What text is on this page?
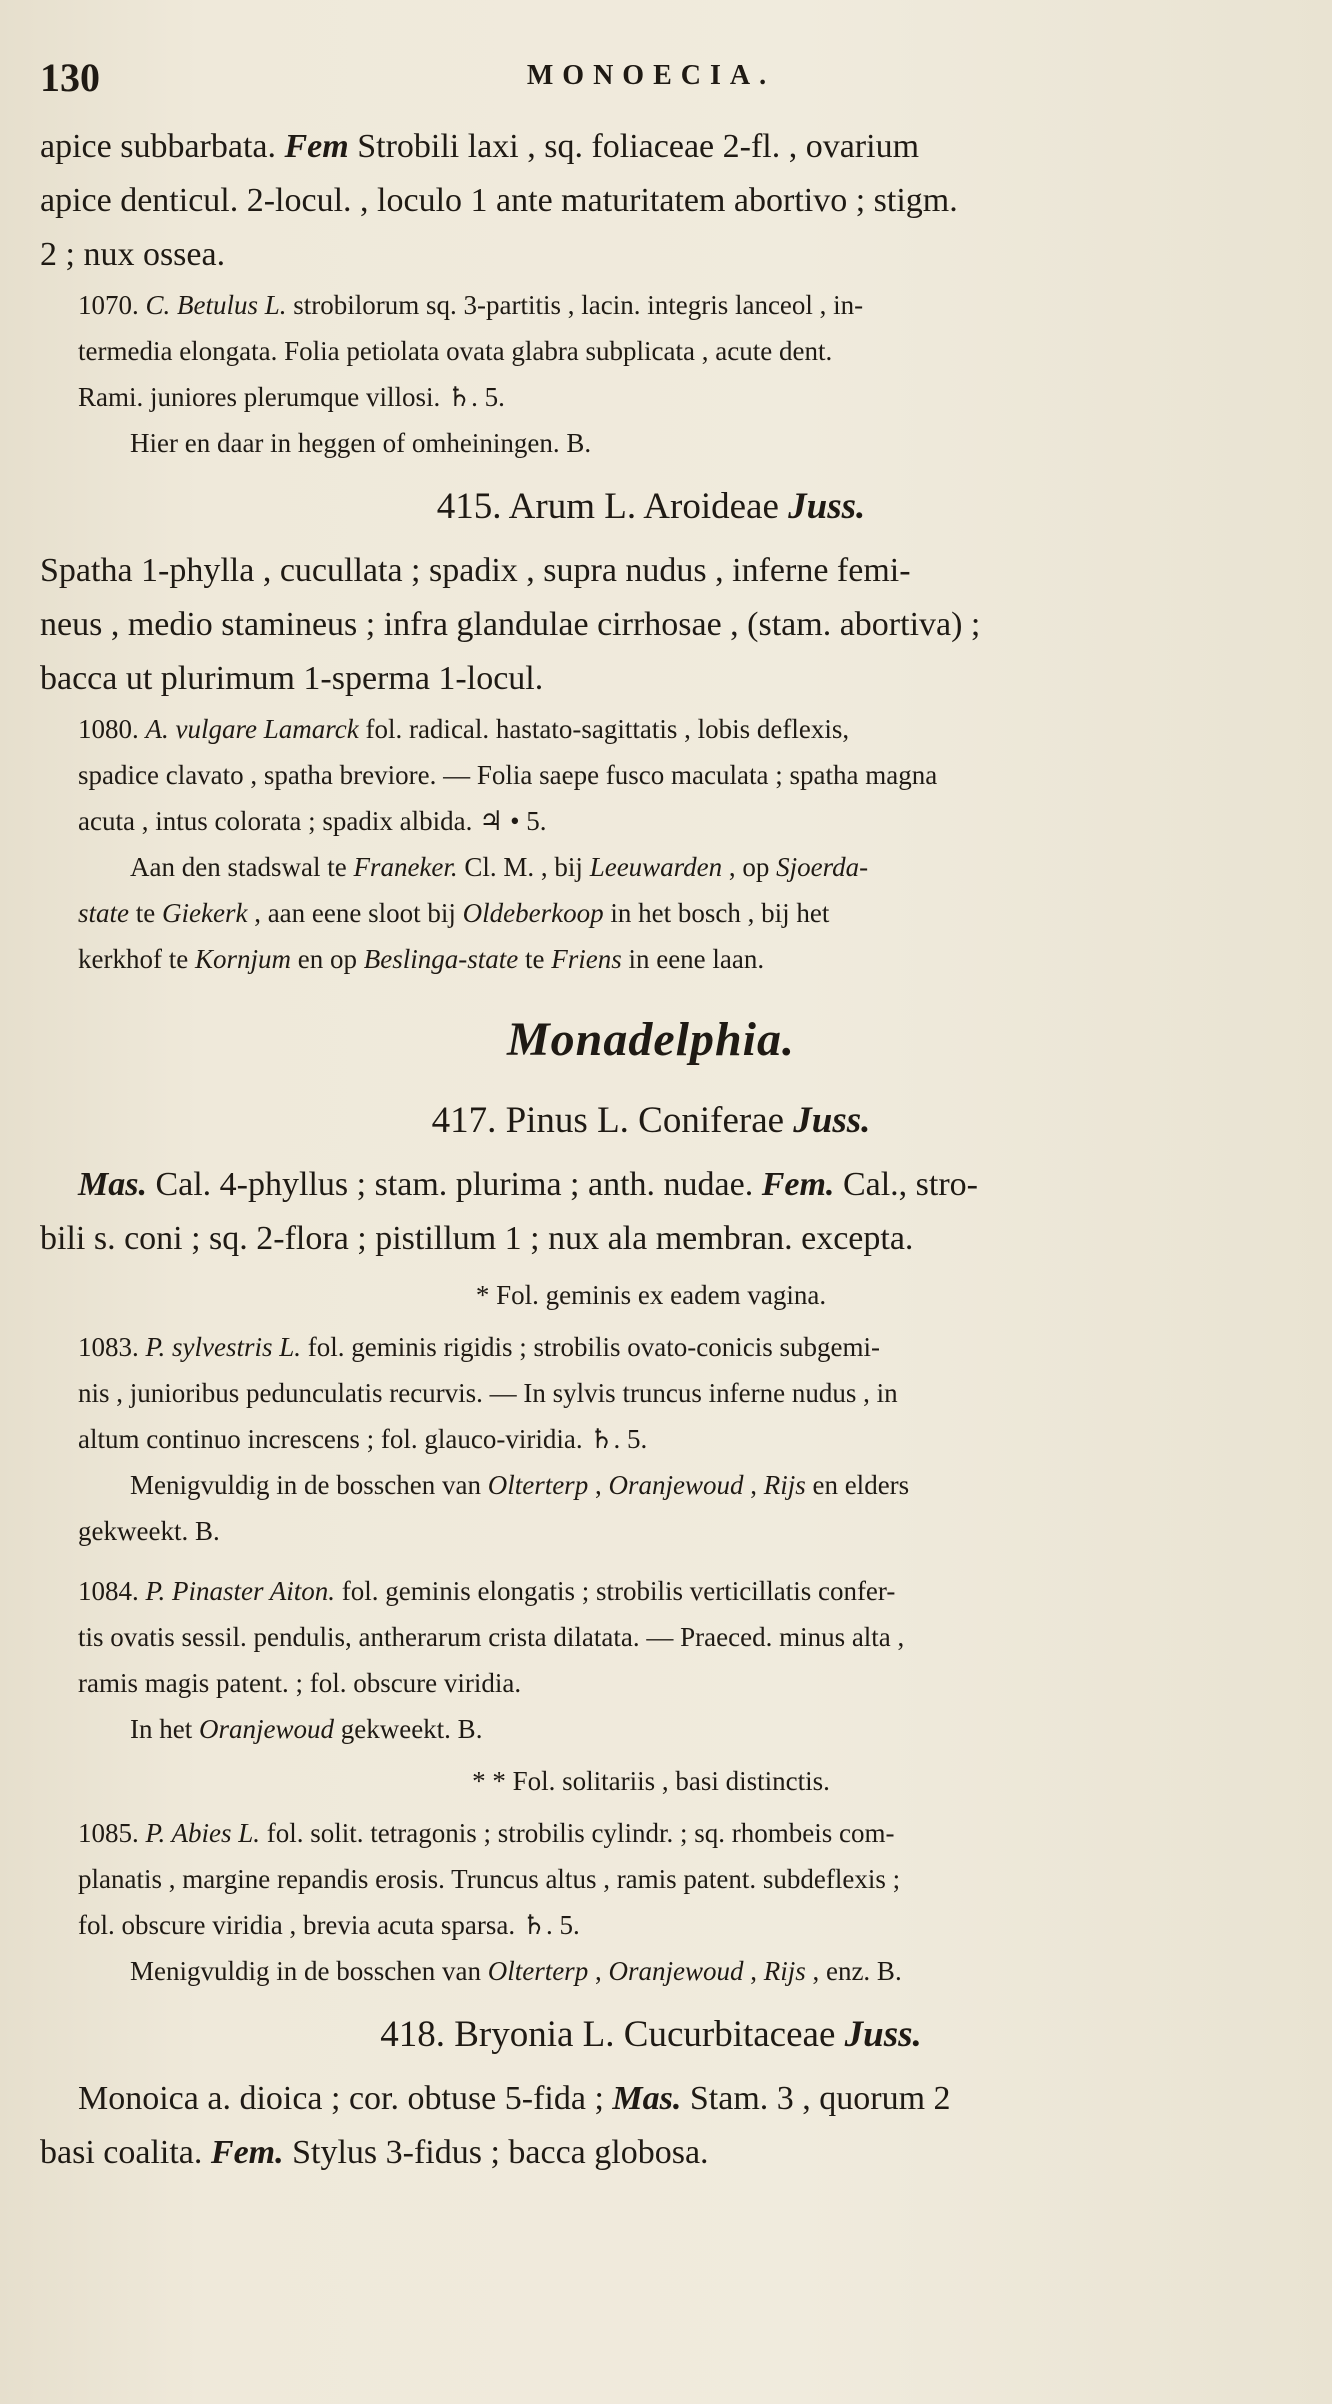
130	MONOECIA.

apice subbarbata. Fem Strobili laxi , sq. foliaceae 2-fl. , ovarium

apice denticul. 2-locul. , loculo 1 ante maturitatem abortivo ; stigm.

2 ; nux ossea.

1070. C. Betulus L. strobilorum sq. 3-partitis , lacin. integris lanceol , in-

termedia elongata. Folia petiolata ovata glabra subplicata , acute dent.

Rami. juniores plerumque villosi. ♄. 5.

Hier en daar in heggen of omheiningen. B.

415. Arum L. Aroideae Juss.

Spatha 1-phylla , cucullata ; spadix , supra nudus , inferne femi-

neus , medio stamineus ; infra glandulae cirrhosae , (stam. abortiva) ;

bacca ut plurimum 1-sperma 1-locul.

1080. A. vulgare Lamarck fol. radical. hastato-sagittatis , lobis deflexis,

spadice clavato , spatha breviore. — Folia saepe fusco maculata ; spatha magna

acuta , intus colorata ; spadix albida. ♃ • 5.

Aan den stadswal te Franeker. Cl. M. , bij Leeuwarden , op Sjoerda-

state te Giekerk , aan eene sloot bij Oldeberkoop in het bosch , bij het

kerkhof te Kornjum en op Beslinga-state te Friens in eene laan.

Monadelphia.

417. Pinus L. Coniferae Juss.

Mas. Cal. 4-phyllus ; stam. plurima ; anth. nudae. Fem. Cal., stro-

bili s. coni ; sq. 2-flora ; pistillum 1 ; nux ala membran. excepta.

* Fol. geminis ex eadem vagina.

1083. P. sylvestris L. fol. geminis rigidis ; strobilis ovato-conicis subgemi-

nis , junioribus pedunculatis recurvis. — In sylvis truncus inferne nudus , in

altum continuo increscens ; fol. glauco-viridia. ♄. 5.

Menigvuldig in de bosschen van Olterterp , Oranjewoud , Rijs en elders

gekweekt. B.

1084. P. Pinaster Aiton. fol. geminis elongatis ; strobilis verticillatis confer-

tis ovatis sessil. pendulis, antherarum crista dilatata. — Praeced. minus alta ,

ramis magis patent. ; fol. obscure viridia.

In het Oranjewoud gekweekt. B.

* * Fol. solitariis , basi distinctis.

1085. P. Abies L. fol. solit. tetragonis ; strobilis cylindr. ; sq. rhombeis com-

planatis , margine repandis erosis. Truncus altus , ramis patent. subdeflexis ;

fol. obscure viridia , brevia acuta sparsa. ♄. 5.

Menigvuldig in de bosschen van Olterterp , Oranjewoud , Rijs , enz. B.

418. Bryonia L. Cucurbitaceae Juss.

Monoica a. dioica ; cor. obtuse 5-fida ; Mas. Stam. 3 , quorum 2

basi coalita. Fem. Stylus 3-fidus ; bacca globosa.
